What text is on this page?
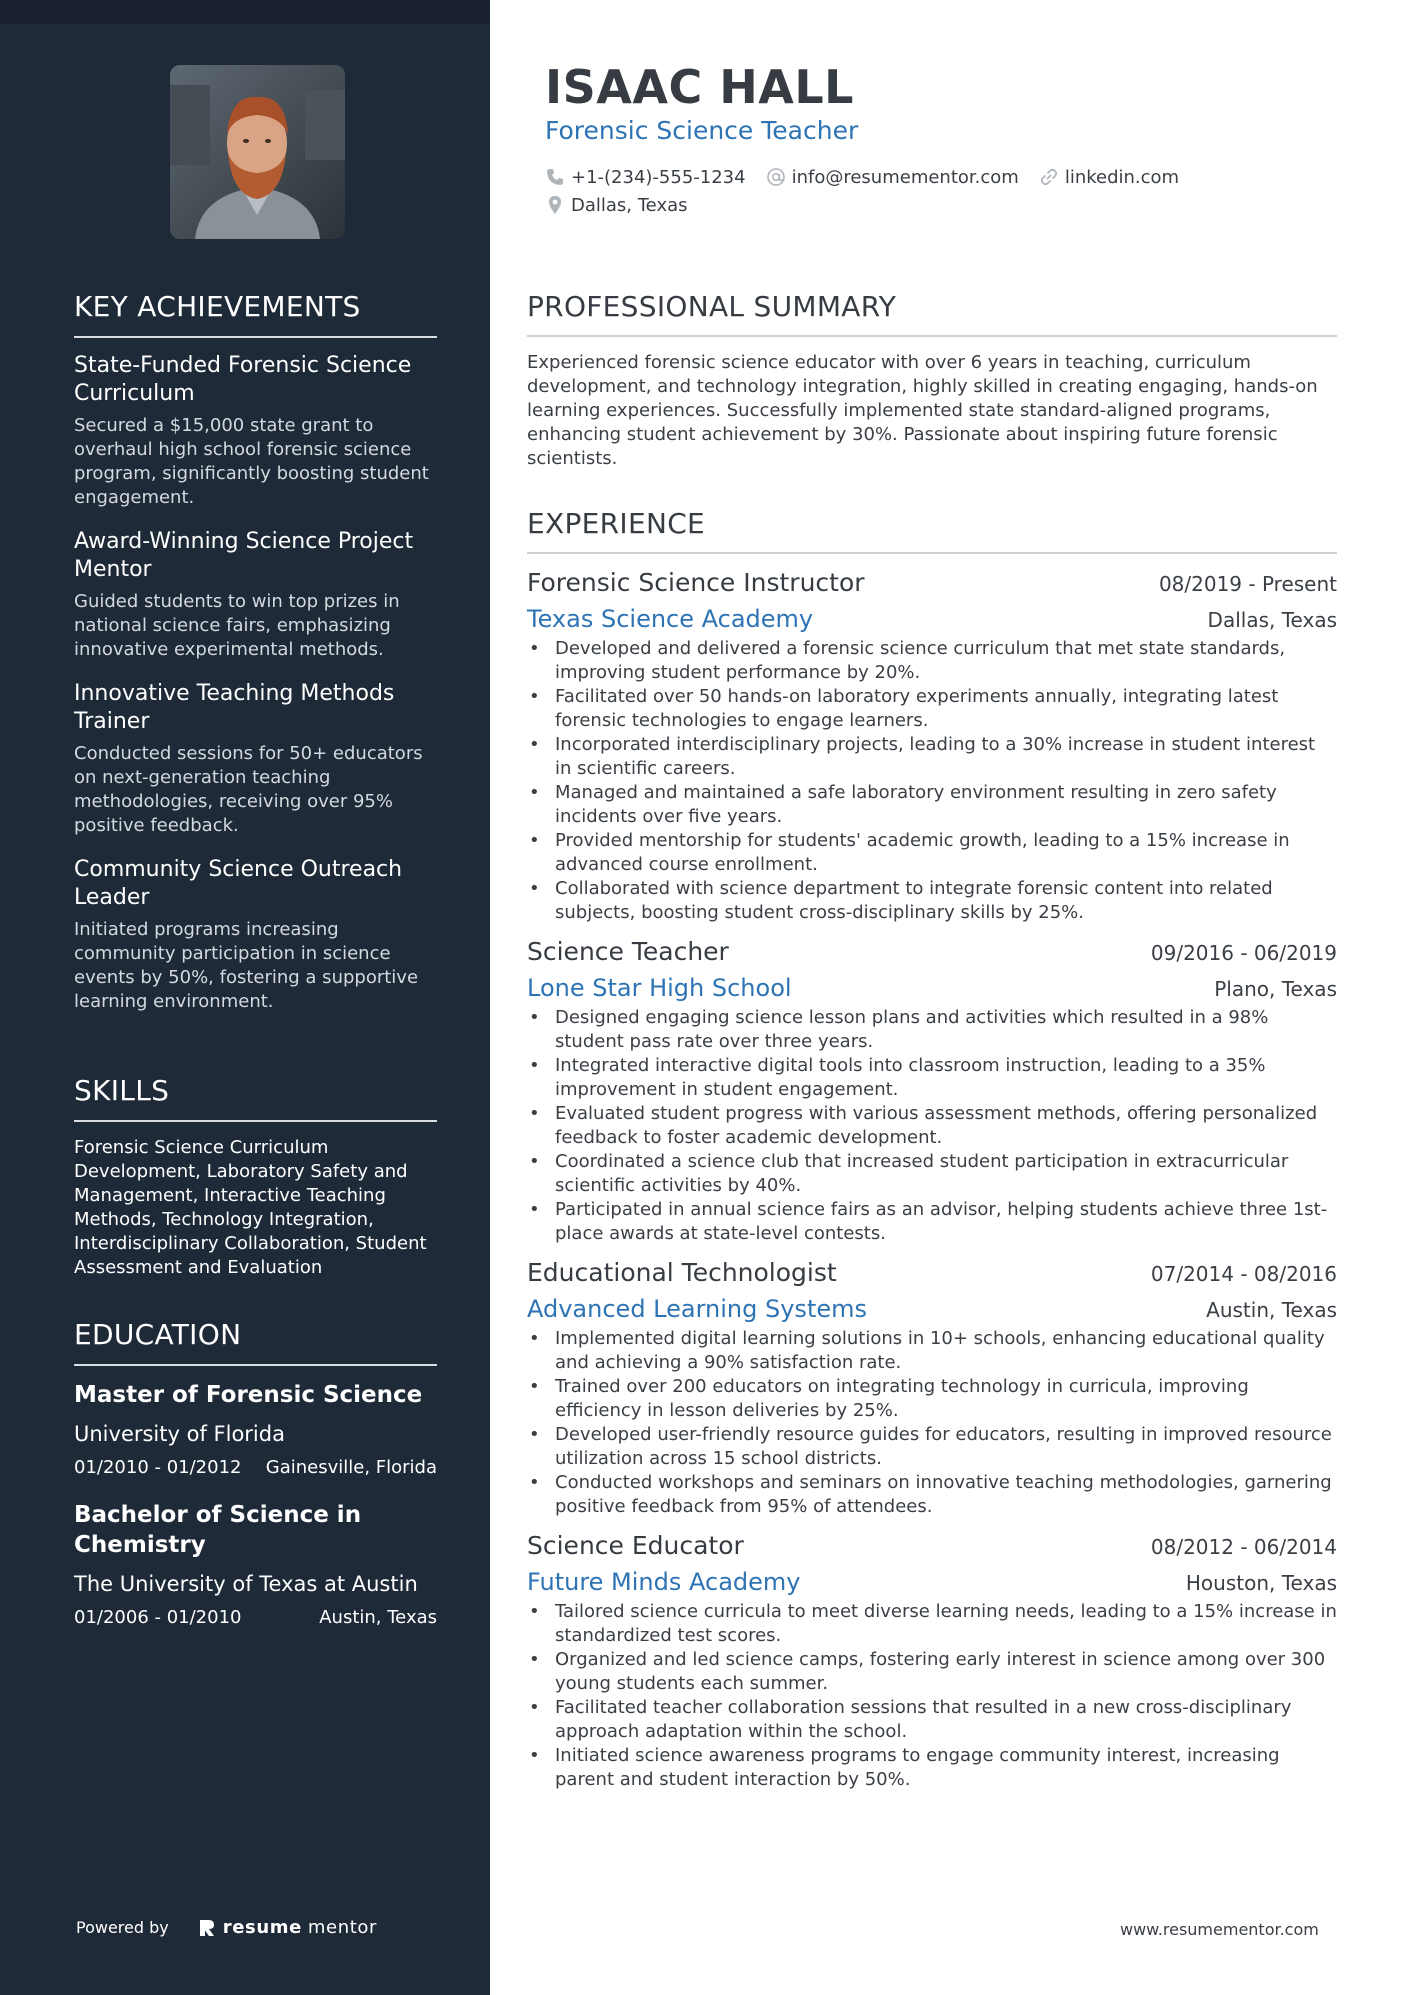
KEY ACHIEVEMENTS
State-Funded Forensic Science Curriculum
Secured a $15,000 state grant to overhaul high school forensic science program, significantly boosting student engagement.
Award-Winning Science Project Mentor
Guided students to win top prizes in national science fairs, emphasizing innovative experimental methods.
Innovative Teaching Methods Trainer
Conducted sessions for 50+ educators on next-generation teaching methodologies, receiving over 95% positive feedback.
Community Science Outreach Leader
Initiated programs increasing community participation in science events by 50%, fostering a supportive learning environment.
SKILLS
Forensic Science Curriculum Development, Laboratory Safety and Management, Interactive Teaching Methods, Technology Integration, Interdisciplinary Collaboration, Student Assessment and Evaluation
EDUCATION
Master of Forensic Science
University of Florida
01/2010 - 01/2012 Gainesville, Florida
Bachelor of Science in Chemistry
The University of Texas at Austin
01/2006 - 01/2010	Austin, Texas
Powered by	resume mentor
ISAAC HALL
Forensic Science Teacher
+1-(234)-555-1234	info@resumementor.com	linkedin.com
Dallas, Texas
PROFESSIONAL SUMMARY
Experienced forensic science educator with over 6 years in teaching, curriculum development, and technology integration, highly skilled in creating engaging, hands-on learning experiences. Successfully implemented state standard-aligned programs, enhancing student achievement by 30%. Passionate about inspiring future forensic scientists.
EXPERIENCE
Forensic Science Instructor	08/2019 - Present
Texas Science Academy	Dallas, Texas
• Developed and delivered a forensic science curriculum that met state standards, improving student performance by 20%.
• Facilitated over 50 hands-on laboratory experiments annually, integrating latest forensic technologies to engage learners.
• Incorporated interdisciplinary projects, leading to a 30% increase in student interest in scientific careers.
• Managed and maintained a safe laboratory environment resulting in zero safety incidents over five years.
• Provided mentorship for students' academic growth, leading to a 15% increase in advanced course enrollment.
• Collaborated with science department to integrate forensic content into related subjects, boosting student cross-disciplinary skills by 25%.
Science Teacher	09/2016 - 06/2019
Lone Star High School	Plano, Texas
• Designed engaging science lesson plans and activities which resulted in a 98% student pass rate over three years.
• Integrated interactive digital tools into classroom instruction, leading to a 35% improvement in student engagement.
• Evaluated student progress with various assessment methods, offering personalized feedback to foster academic development.
• Coordinated a science club that increased student participation in extracurricular scientific activities by 40%.
• Participated in annual science fairs as an advisor, helping students achieve three 1st-place awards at state-level contests.
Educational Technologist	07/2014 - 08/2016
Advanced Learning Systems	Austin, Texas
• Implemented digital learning solutions in 10+ schools, enhancing educational quality and achieving a 90% satisfaction rate.
• Trained over 200 educators on integrating technology in curricula, improving efficiency in lesson deliveries by 25%.
• Developed user-friendly resource guides for educators, resulting in improved resource utilization across 15 school districts.
• Conducted workshops and seminars on innovative teaching methodologies, garnering positive feedback from 95% of attendees.
Science Educator	08/2012 - 06/2014
Future Minds Academy	Houston, Texas
• Tailored science curricula to meet diverse learning needs, leading to a 15% increase in standardized test scores.
• Organized and led science camps, fostering early interest in science among over 300 young students each summer.
• Facilitated teacher collaboration sessions that resulted in a new cross-disciplinary approach adaptation within the school.
• Initiated science awareness programs to engage community interest, increasing parent and student interaction by 50%.
www.resumementor.com
